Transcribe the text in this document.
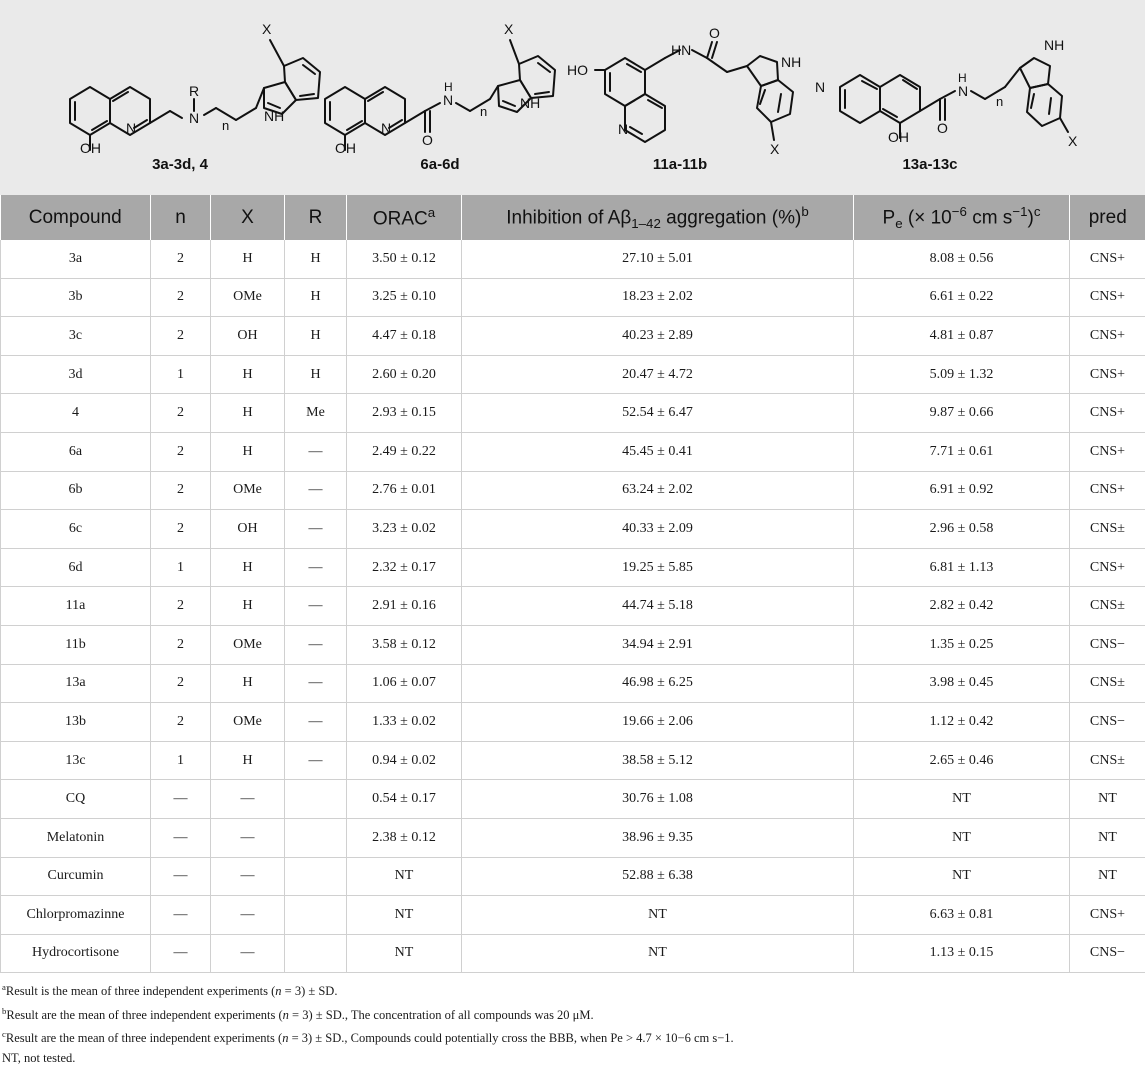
OH
N
N
R
n
NH
X
OH
N
O
N
H
n
NH
X
HO
N
HN
O
NH
X
N
OH
O
N
H
n
NH
X
3a-3d, 4	6a-6d	11a-11b	13a-13c
Compound	n	X	R	ORAC$^a$	Inhibition of $A\beta_{1-42}$ aggregation (%)$^b$	$P_e$ (× $10^{-6}$ cm $s^{-1})^c$	pred
3a	2	H	H	3.50 ± 0.12	27.10 ± 5.01	8.08 ± 0.56	CNS+
3b	2	OMe	H	3.25 ± 0.10	18.23 ± 2.02	6.61 ± 0.22	CNS+
3c	2	OH	H	4.47 ± 0.18	40.23 ± 2.89	4.81 ± 0.87	CNS+
3d	1	H	H	2.60 ± 0.20	20.47 ± 4.72	5.09 ± 1.32	CNS+
4	2	H	Me	2.93 ± 0.15	52.54 ± 6.47	9.87 ± 0.66	CNS+
6a	2	H	—	2.49 ± 0.22	45.45 ± 0.41	7.71 ± 0.61	CNS+
6b	2	OMe	—	2.76 ± 0.01	63.24 ± 2.02	6.91 ± 0.92	CNS+
6c	2	OH	—	3.23 ± 0.02	40.33 ± 2.09	2.96 ± 0.58	CNS±
6d	1	H	—	2.32 ± 0.17	19.25 ± 5.85	6.81 ± 1.13	CNS+
11a	2	H	—	2.91 ± 0.16	44.74 ± 5.18	2.82 ± 0.42	CNS±
11b	2	OMe	—	3.58 ± 0.12	34.94 ± 2.91	1.35 ± 0.25	CNS−
13a	2	H	—	1.06 ± 0.07	46.98 ± 6.25	3.98 ± 0.45	CNS±
13b	2	OMe	—	1.33 ± 0.02	19.66 ± 2.06	1.12 ± 0.42	CNS−
13c	1	H	—	0.94 ± 0.02	38.58 ± 5.12	2.65 ± 0.46	CNS±
CQ	—	—		0.54 ± 0.17	30.76 ± 1.08	NT	NT
Melatonin	—	—		2.38 ± 0.12	38.96 ± 9.35	NT	NT
Curcumin	—	—		NT	52.88 ± 6.38	NT	NT
Chlorpromazinne	—	—		NT	NT	6.63 ± 0.81	CNS+
Hydrocortisone	—	—		NT	NT	1.13 ± 0.15	CNS−

$^a$Result is the mean of three independent experiments (n = 3) ± SD.

$^b$Result are the mean of three independent experiments (n = 3) ± SD., The concentration of all compounds was 20 μM.

$^c$Result are the mean of three independent experiments (n = 3) ± SD., Compounds could potentially cross the BBB, when Pe > 4.7 × 10−6 cm s−1.

NT, not tested.
